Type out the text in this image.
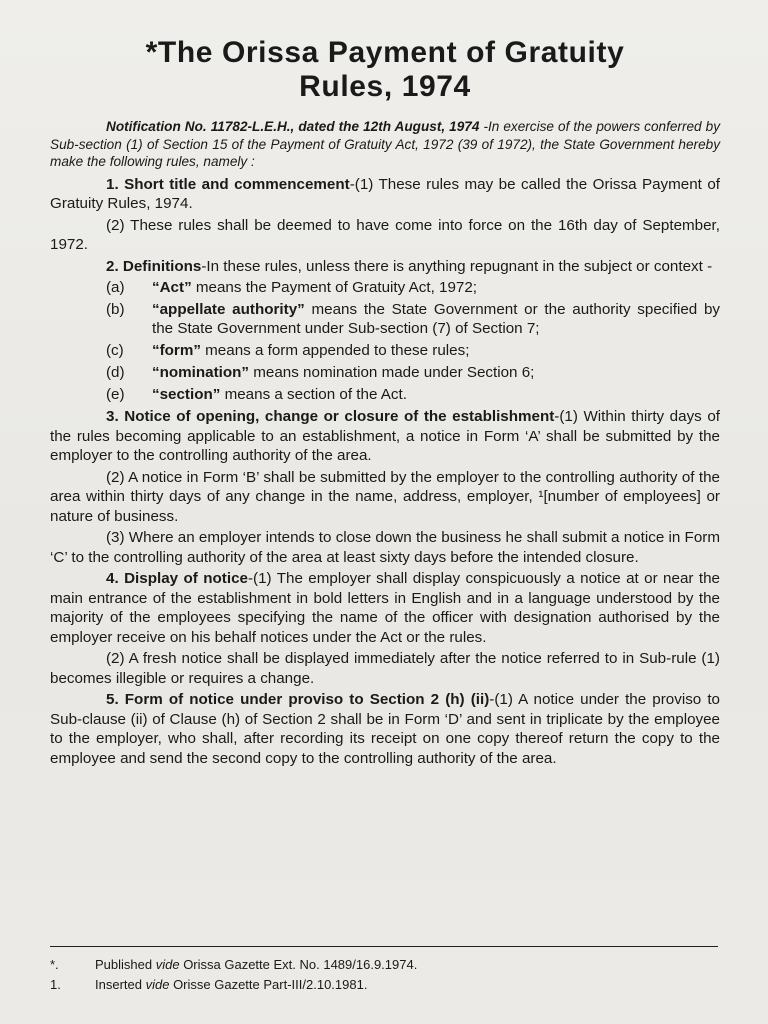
*The Orissa Payment of Gratuity
Rules, 1974

Notification No. 11782-L.E.H., dated the 12th August, 1974 -In exercise of the powers conferred by Sub-section (1) of Section 15 of the Payment of Gratuity Act, 1972 (39 of 1972), the State Government hereby make the following rules, namely :

1. Short title and commencement-(1) These rules may be called the Orissa Payment of Gratuity Rules, 1974.

(2) These rules shall be deemed to have come into force on the 16th day of September, 1972.

2. Definitions-In these rules, unless there is anything repugnant in the subject or context -

(a)	“Act” means the Payment of Gratuity Act, 1972;
(b)	“appellate authority” means the State Government or the authority specified by the State Government under Sub-section (7) of Section 7;
(c)	“form” means a form appended to these rules;
(d)	“nomination” means nomination made under Section 6;
(e)	“section” means a section of the Act.

3. Notice of opening, change or closure of the establishment-(1) Within thirty days of the rules becoming applicable to an establishment, a notice in Form ‘A’ shall be submitted by the employer to the controlling authority of the area.

(2) A notice in Form ‘B’ shall be submitted by the employer to the controlling authority of the area within thirty days of any change in the name, address, employer, ¹[number of employees] or nature of business.

(3) Where an employer intends to close down the business he shall submit a notice in Form ‘C’ to the controlling authority of the area at least sixty days before the intended closure.

4. Display of notice-(1) The employer shall display conspicuously a notice at or near the main entrance of the establishment in bold letters in English and in a language understood by the majority of the employees specifying the name of the officer with designation authorised by the employer receive on his behalf notices under the Act or the rules.

(2) A fresh notice shall be displayed immediately after the notice referred to in Sub-rule (1) becomes illegible or requires a change.

5. Form of notice under proviso to Section 2 (h) (ii)-(1) A notice under the proviso to Sub-clause (ii) of Clause (h) of Section 2 shall be in Form ‘D’ and sent in triplicate by the employee to the employer, who shall, after recording its receipt on one copy thereof return the copy to the employee and send the second copy to the controlling authority of the area.

*.	Published vide Orissa Gazette Ext. No. 1489/16.9.1974.
1.	Inserted vide Orisse Gazette Part-III/2.10.1981.
